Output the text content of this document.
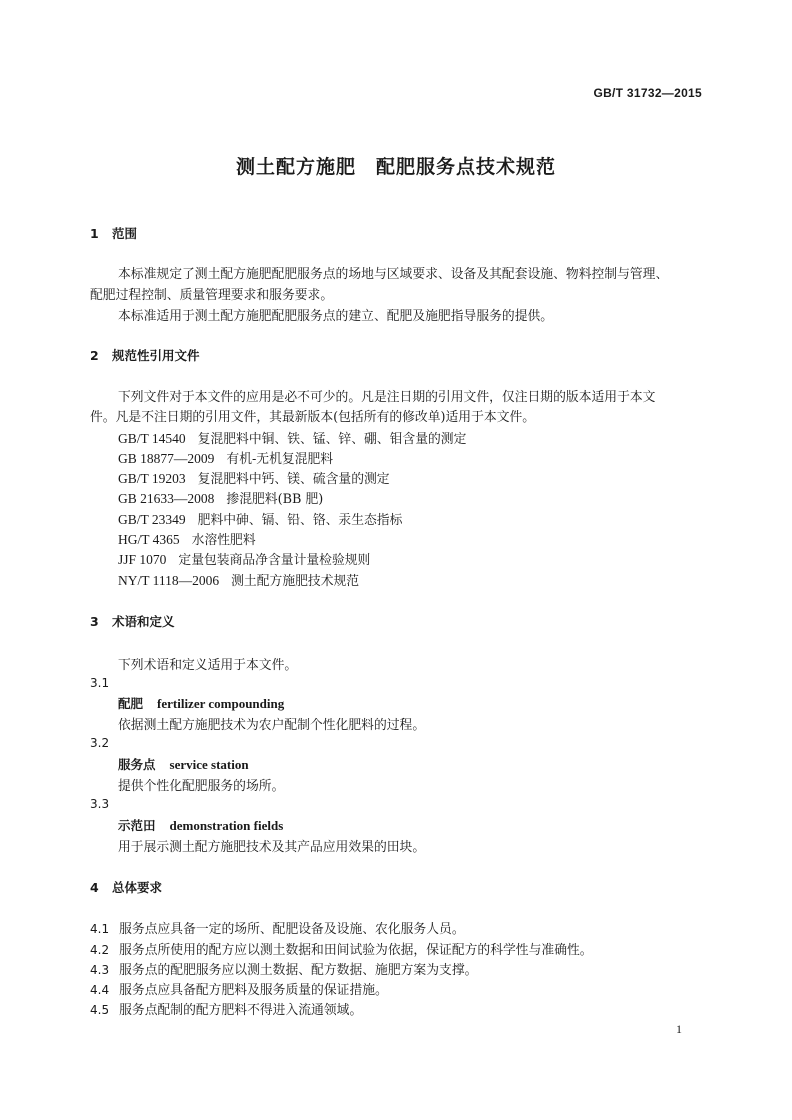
GB/T 31732—2015
测土配方施肥　配肥服务点技术规范
1 范围
本标准规定了测土配方施肥配肥服务点的场地与区域要求、设备及其配套设施、物料控制与管理、
配肥过程控制、质量管理要求和服务要求。
本标准适用于测土配方施肥配肥服务点的建立、配肥及施肥指导服务的提供。
2 规范性引用文件
下列文件对于本文件的应用是必不可少的。凡是注日期的引用文件，仅注日期的版本适用于本文
件。凡是不注日期的引用文件，其最新版本(包括所有的修改单)适用于本文件。
GB/T 14540 复混肥料中铜、铁、锰、锌、硼、钼含量的测定
GB 18877—2009 有机-无机复混肥料
GB/T 19203 复混肥料中钙、镁、硫含量的测定
GB 21633—2008 掺混肥料(BB 肥)
GB/T 23349 肥料中砷、镉、铅、铬、汞生态指标
HG/T 4365 水溶性肥料
JJF 1070 定量包装商品净含量计量检验规则
NY/T 1118—2006 测土配方施肥技术规范
3 术语和定义
下列术语和定义适用于本文件。
3.1
配肥 fertilizer compounding
依据测土配方施肥技术为农户配制个性化肥料的过程。
3.2
服务点 service station
提供个性化配肥服务的场所。
3.3
示范田 demonstration fields
用于展示测土配方施肥技术及其产品应用效果的田块。
4 总体要求
4.1 服务点应具备一定的场所、配肥设备及设施、农化服务人员。
4.2 服务点所使用的配方应以测土数据和田间试验为依据，保证配方的科学性与准确性。
4.3 服务点的配肥服务应以测土数据、配方数据、施肥方案为支撑。
4.4 服务点应具备配方肥料及服务质量的保证措施。
4.5 服务点配制的配方肥料不得进入流通领域。
1
